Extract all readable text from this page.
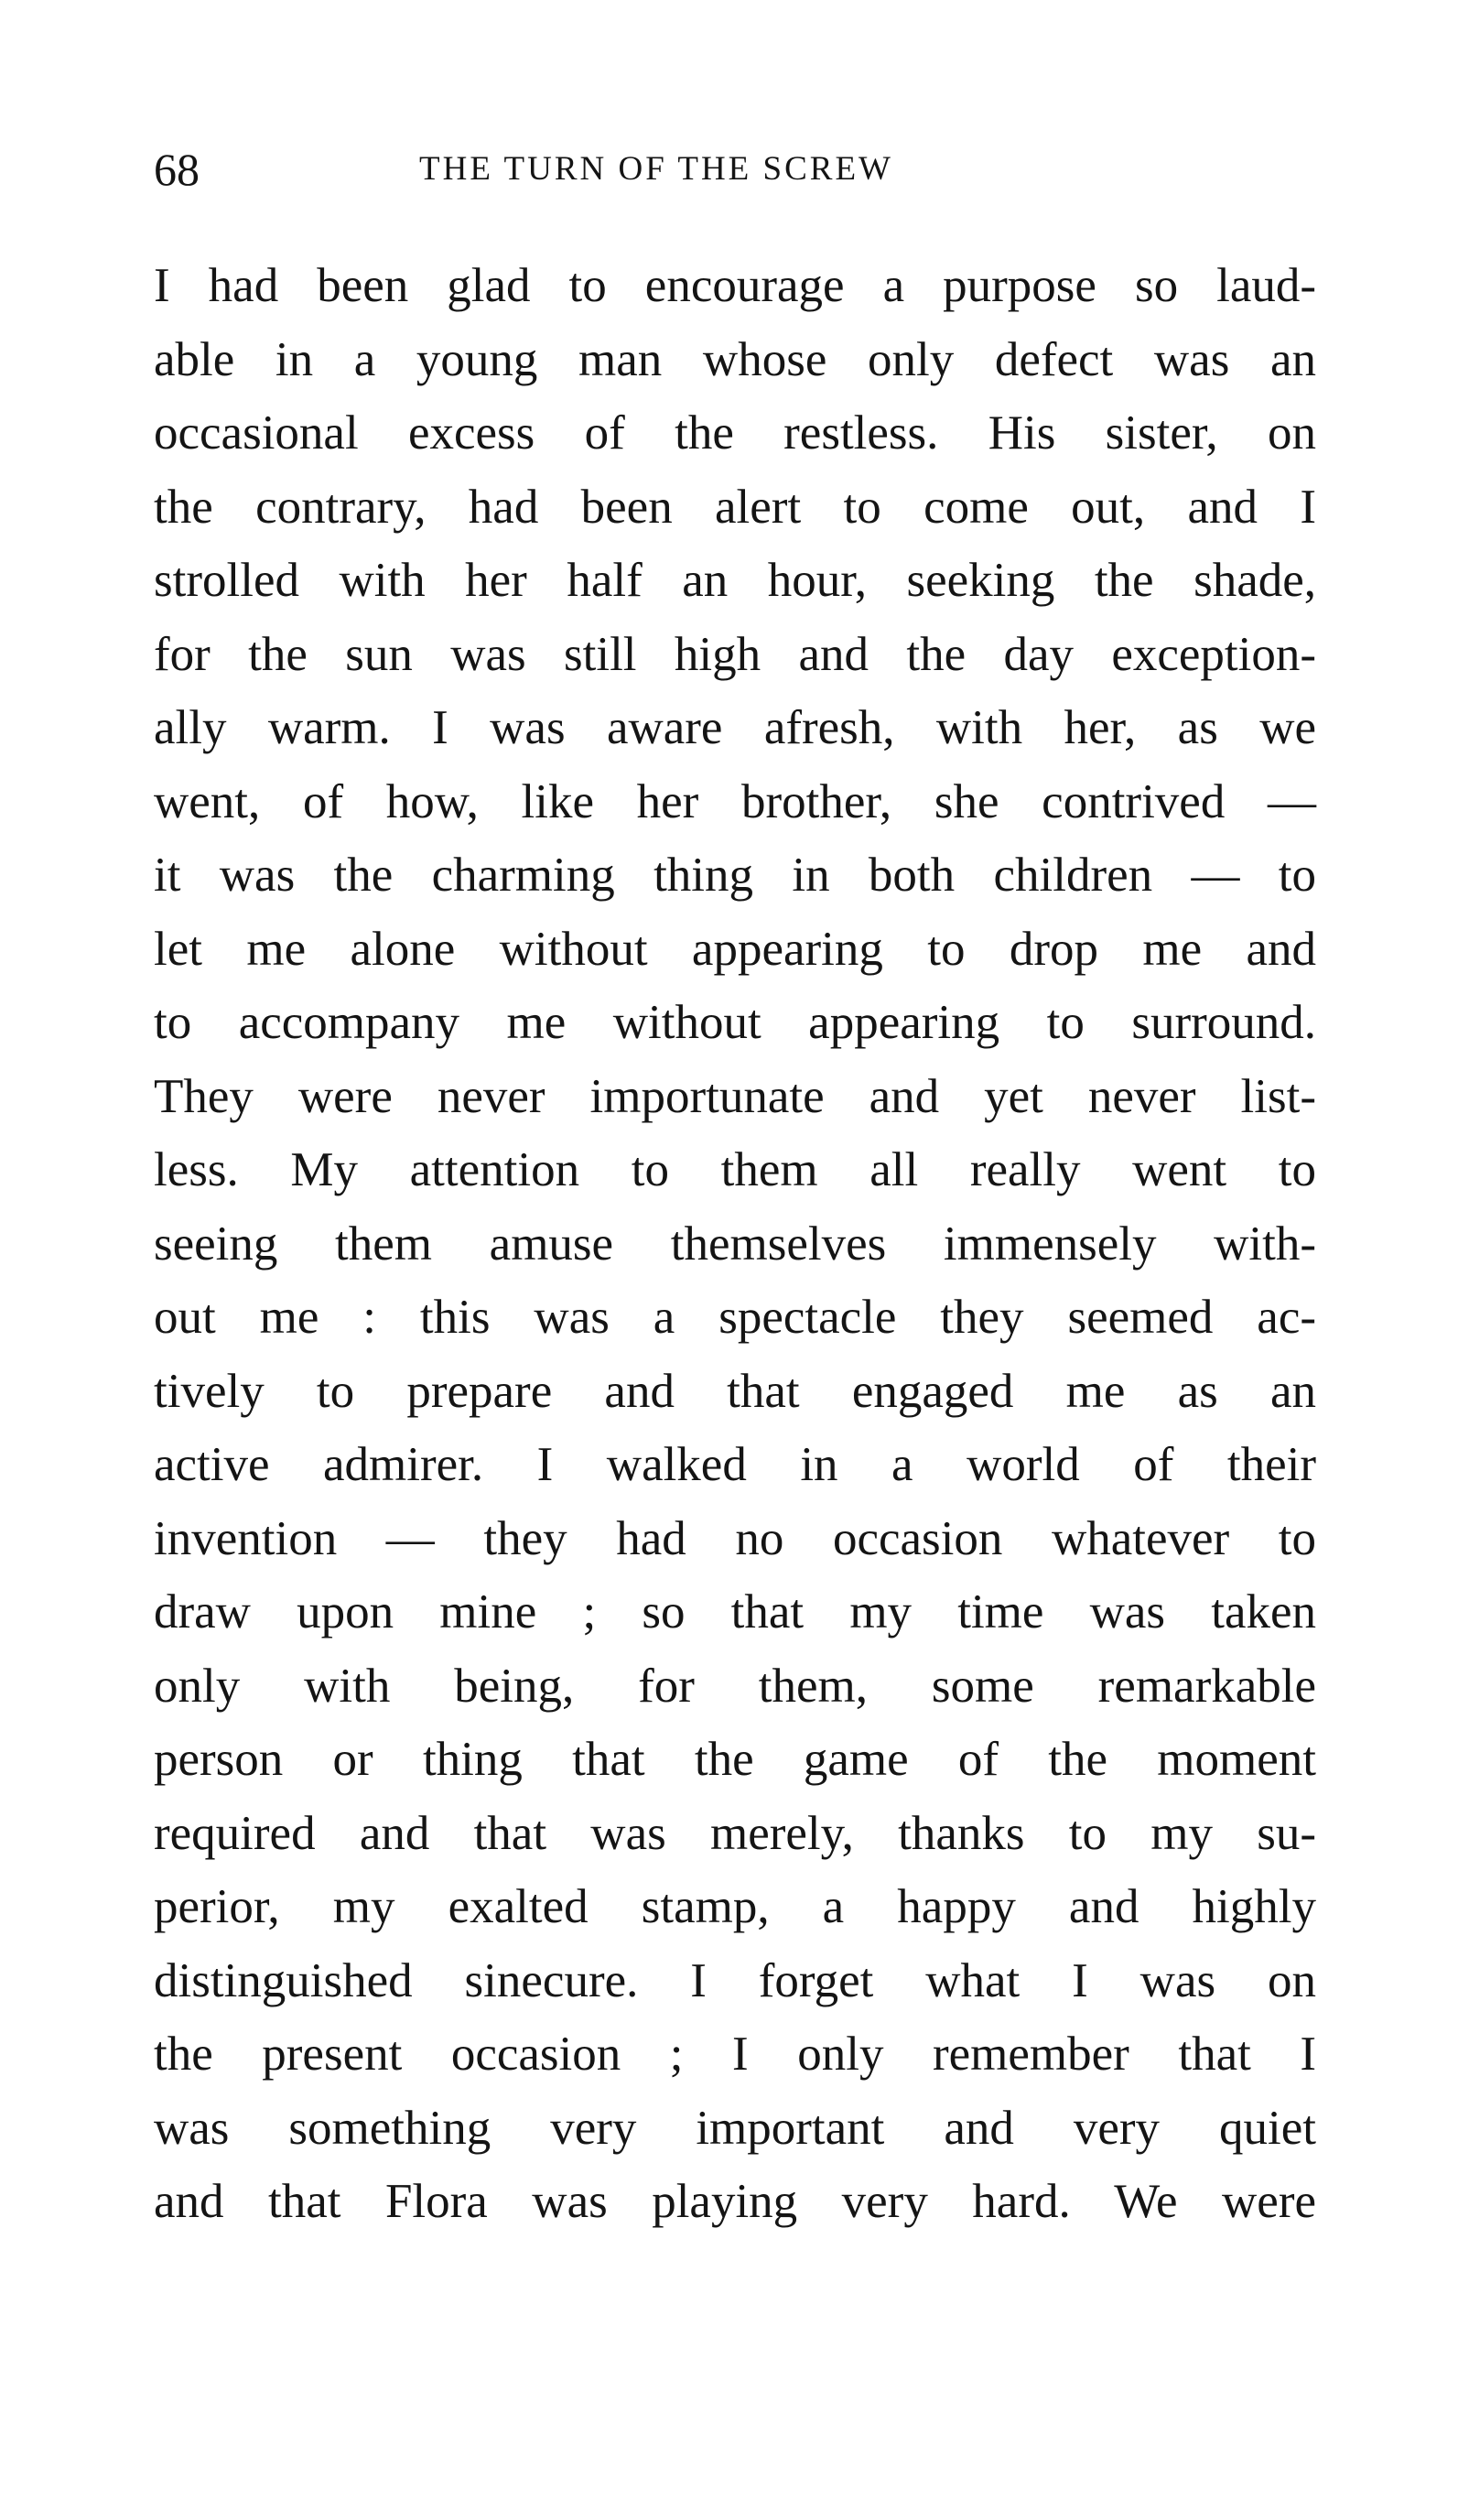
68	THE TURN OF THE SCREW
I had been glad to encourage a purpose so laud-
able in a young man whose only defect was an
occasional excess of the restless. His sister, on
the contrary, had been alert to come out, and I
strolled with her half an hour, seeking the shade,
for the sun was still high and the day exception-
ally warm. I was aware afresh, with her, as we
went, of how, like her brother, she contrived —
it was the charming thing in both children — to
let me alone without appearing to drop me and
to accompany me without appearing to surround.
They were never importunate and yet never list-
less. My attention to them all really went to
seeing them amuse themselves immensely with-
out me : this was a spectacle they seemed ac-
tively to prepare and that engaged me as an
active admirer. I walked in a world of their
invention — they had no occasion whatever to
draw upon mine ; so that my time was taken
only with being, for them, some remarkable
person or thing that the game of the moment
required and that was merely, thanks to my su-
perior, my exalted stamp, a happy and highly
distinguished sinecure. I forget what I was on
the present occasion ; I only remember that I
was something very important and very quiet
and that Flora was playing very hard. We were
